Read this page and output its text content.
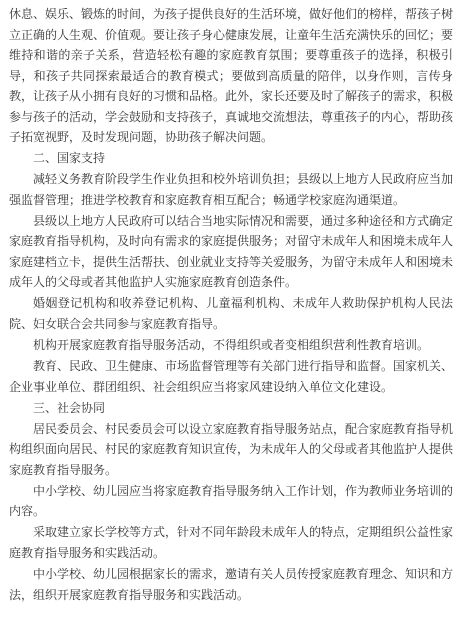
休息、娱乐、锻炼的时间，为孩子提供良好的生活环境，做好他们的榜样，帮孩子树立正确的人生观、价值观。要让孩子身心健康发展，让童年生活充满快乐的回忆；要维持和谐的亲子关系，营造轻松有趣的家庭教育氛围；要尊重孩子的选择，积极引导，和孩子共同探索最适合的教育模式；要做到高质量的陪伴，以身作则，言传身教，让孩子从小拥有良好的习惯和品格。此外，家长还要及时了解孩子的需求，积极参与孩子的活动，学会鼓励和支持孩子，真诚地交流想法，尊重孩子的内心，帮助孩子拓宽视野，及时发现问题，协助孩子解决问题。

二、国家支持

减轻义务教育阶段学生作业负担和校外培训负担；县级以上地方人民政府应当加强监督管理；推进学校教育和家庭教育相互配合；畅通学校家庭沟通渠道。

县级以上地方人民政府可以结合当地实际情况和需要，通过多种途径和方式确定家庭教育指导机构，及时向有需求的家庭提供服务；对留守未成年人和困境未成年人家庭建档立卡，提供生活帮扶、创业就业支持等关爱服务，为留守未成年人和困境未成年人的父母或者其他监护人实施家庭教育创造条件。

婚姻登记机构和收养登记机构、儿童福利机构、未成年人救助保护机构人民法院、妇女联合会共同参与家庭教育指导。

机构开展家庭教育指导服务活动，不得组织或者变相组织营利性教育培训。

教育、民政、卫生健康、市场监督管理等有关部门进行指导和监督。国家机关、企业事业单位、群团组织、社会组织应当将家风建设纳入单位文化建设。

三、社会协同

居民委员会、村民委员会可以设立家庭教育指导服务站点，配合家庭教育指导机构组织面向居民、村民的家庭教育知识宣传，为未成年人的父母或者其他监护人提供家庭教育指导服务。

中小学校、幼儿园应当将家庭教育指导服务纳入工作计划，作为教师业务培训的内容。

采取建立家长学校等方式，针对不同年龄段未成年人的特点，定期组织公益性家庭教育指导服务和实践活动。

中小学校、幼儿园根据家长的需求，邀请有关人员传授家庭教育理念、知识和方法，组织开展家庭教育指导服务和实践活动。
